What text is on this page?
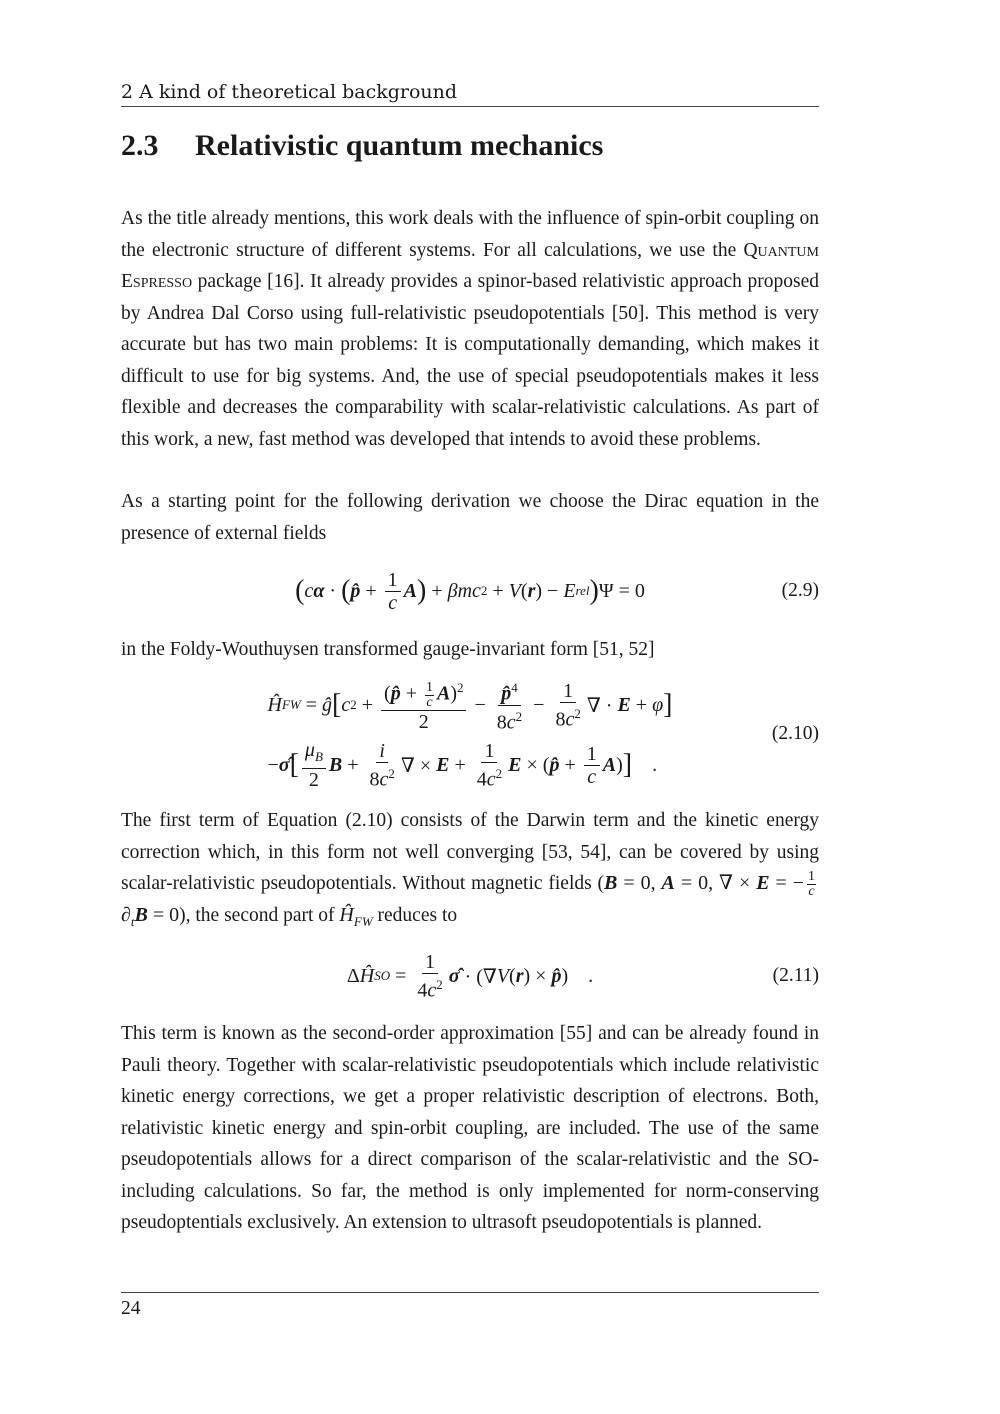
2 A kind of theoretical background
2.3 Relativistic quantum mechanics

As the title already mentions, this work deals with the influence of spin-orbit coupling on the electronic structure of different systems. For all calculations, we use the Quantum Espresso package [16]. It already provides a spinor-based relativistic approach proposed by Andrea Dal Corso using full-relativistic pseudopotentials [50]. This method is very accurate but has two main problems: It is computationally demanding, which makes it difficult to use for big systems. And, the use of special pseudopotentials makes it less flexible and decreases the comparability with scalar-relativistic calculations. As part of this work, a new, fast method was developed that intends to avoid these problems.

As a starting point for the following derivation we choose the Dirac equation in the presence of external fields

( c α · ( p̂ + $\frac{1}{c}$ A ) + βmc 2 + V ( r ) − E rel ) Ψ = 0	(2.9)

in the Foldy-Wouthuysen transformed gauge-invariant form [51, 52]

Ĥ FW = ĝ [ c $2 + \frac{(p̂ + \frac{1}{c} A)^2}{2} - \frac{p̂^4}{8c^2} - \frac{1}{8c^2}$ ∇ · E + φ ]
− σ̂ [ $\frac{\mu_B}{2}$ $B + \frac{i}{8c^2}$ ∇ × $E + \frac{1}{4c^2}$ E × ( p̂ + $\frac{1}{c}$ A ) ] .
(2.10)

The first term of Equation (2.10) consists of the Darwin term and the kinetic energy correction which, in this form not well converging [53, 54], can be covered by using scalar-relativistic pseudopotentials. Without magnetic fields (B = 0, A = 0, ∇ × E = − $\frac{1}{c}$
$\partial_tB = 0$), the second part of $Ĥ_{FW}$ reduces to

Δ Ĥ SO = $\frac{1}{4c^2}$ σ̂ · (∇ V ( r ) × p̂ )    .	(2.11)

This term is known as the second-order approximation [55] and can be already found in Pauli theory. Together with scalar-relativistic pseudopotentials which include relativistic kinetic energy corrections, we get a proper relativistic description of electrons. Both, relativistic kinetic energy and spin-orbit coupling, are included. The use of the same pseudopotentials allows for a direct comparison of the scalar-relativistic and the SO-including calculations. So far, the method is only implemented for norm-conserving pseudoptentials exclusively. An extension to ultrasoft pseudopotentials is planned.

24
